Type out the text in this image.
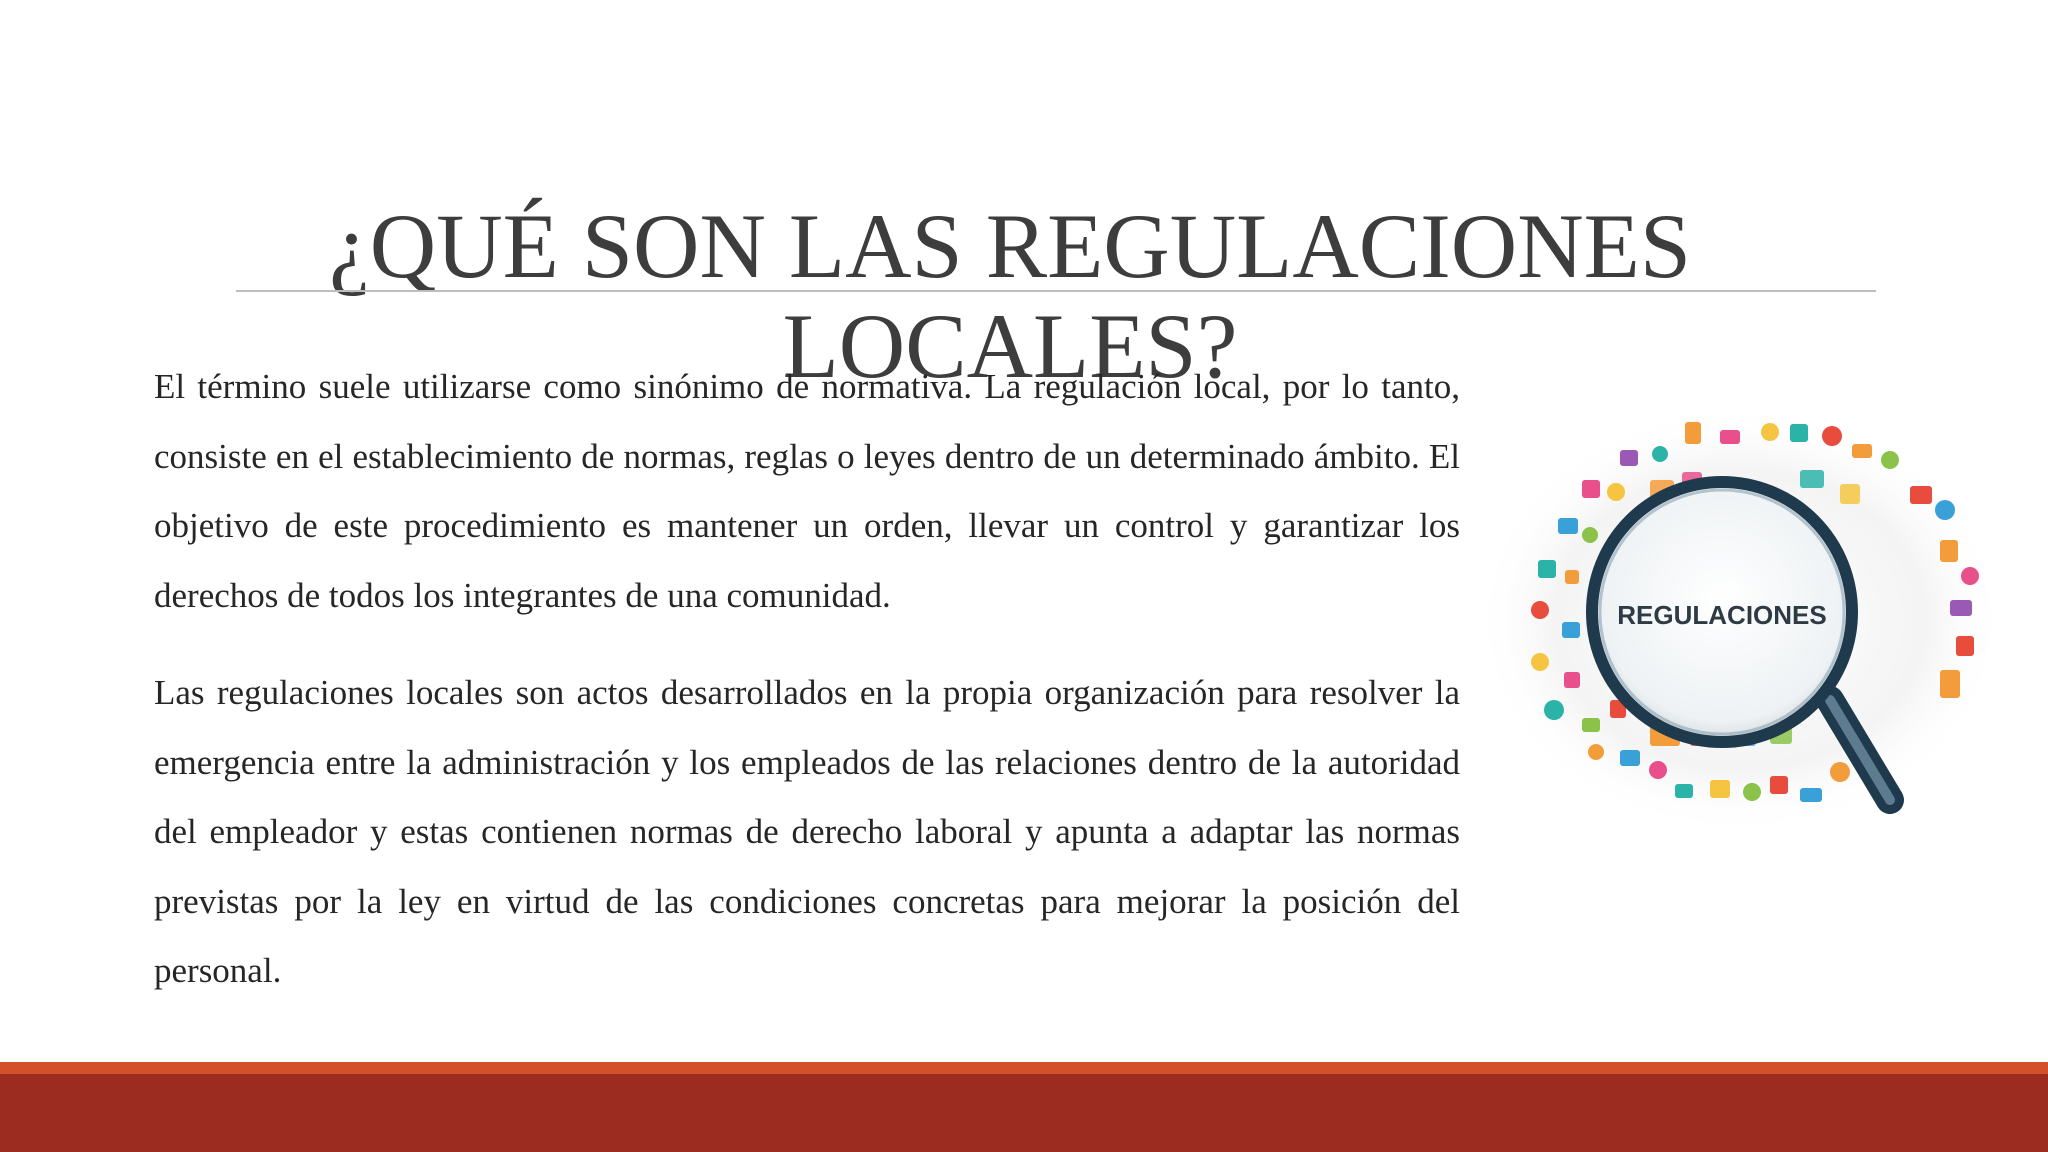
¿QUÉ SON LAS REGULACIONES LOCALES?

El término suele utilizarse como sinónimo de normativa. La regulación local, por lo tanto, consiste en el establecimiento de normas, reglas o leyes dentro de un determinado ámbito. El objetivo de este procedimiento es mantener un orden, llevar un control y garantizar los derechos de todos los integrantes de una comunidad.

Las regulaciones locales son actos desarrollados en la propia organización para resolver la emergencia entre la administración y los empleados de las relaciones dentro de la autoridad del empleador y estas contienen normas de derecho laboral y apunta a adaptar las normas previstas por la ley en virtud de las condiciones concretas para mejorar la posición del personal.

REGULACIONES
